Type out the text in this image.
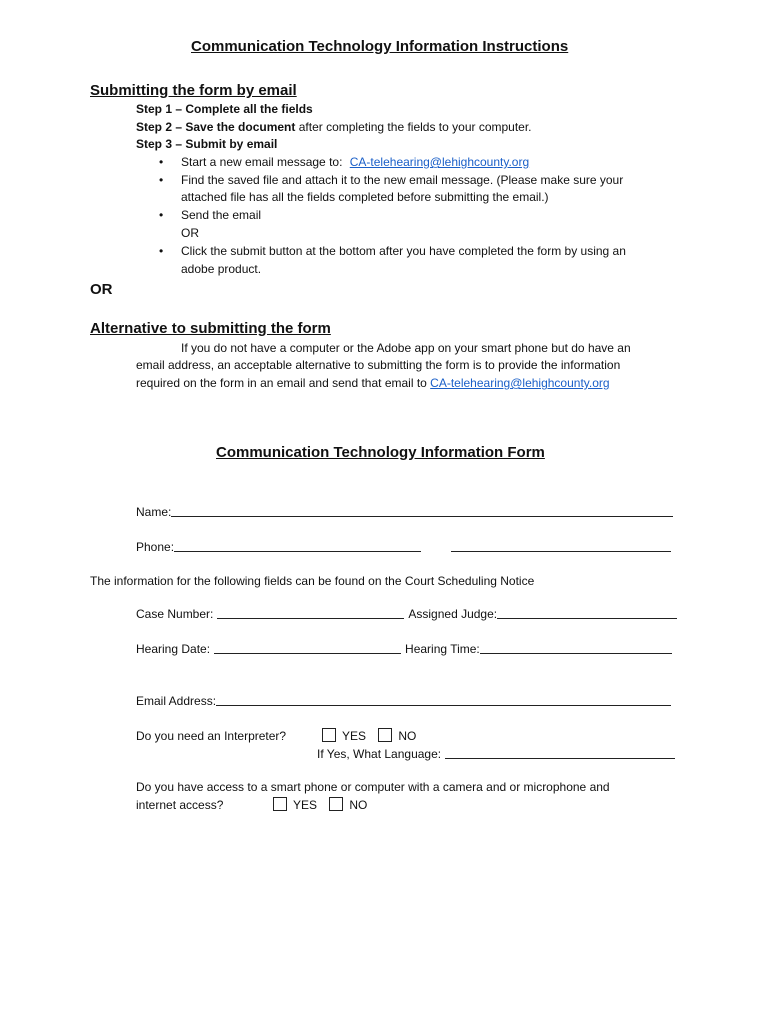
Communication Technology Information Instructions
Submitting the form by email
Step 1 – Complete all the fields
Step 2 – Save the document after completing the fields to your computer.
Step 3 – Submit by email
• Start a new email message to: CA-telehearing@lehighcounty.org
• Find the saved file and attach it to the new email message. (Please make sure your
attached file has all the fields completed before submitting the email.)
• Send the email
OR
• Click the submit button at the bottom after you have completed the form by using an
adobe product.
OR
Alternative to submitting the form
If you do not have a computer or the Adobe app on your smart phone but do have an
email address, an acceptable alternative to submitting the form is to provide the information
required on the form in an email and send that email to CA-telehearing@lehighcounty.org
Communication Technology Information Form
Name:
Phone:
The information for the following fields can be found on the Court Scheduling Notice
Case Number:	Assigned Judge:
Hearing Date:	Hearing Time:
Email Address:
Do you need an Interpreter?	YES	NO
If Yes, What Language:
Do you have access to a smart phone or computer with a camera and or microphone and
internet access?	YES	NO
